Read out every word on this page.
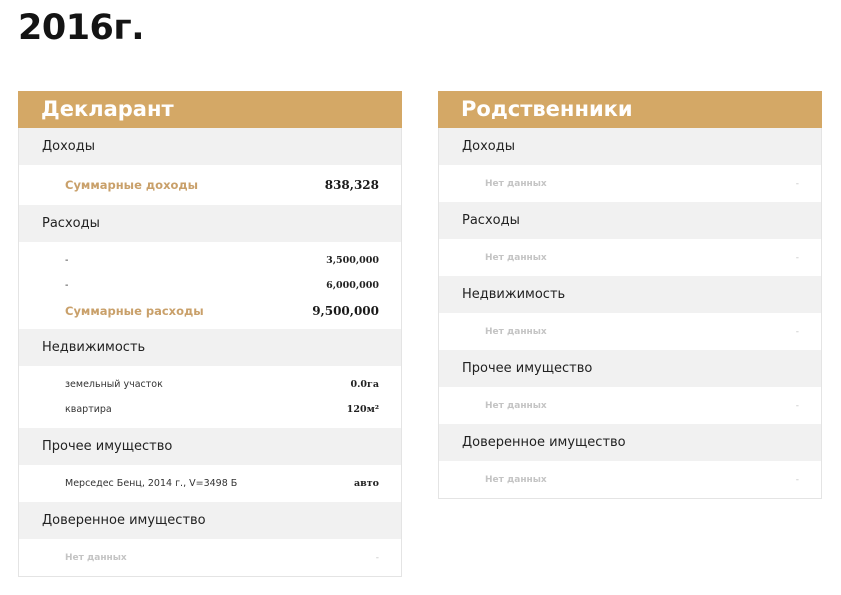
2016г.
Декларант
Доходы
Суммарные доходы	838,328
Расходы
-	3,500,000
-	6,000,000
Суммарные расходы	9,500,000
Недвижимость
земельный участок	0.0га
квартира	120м²
Прочее имущество
Мерседес Бенц, 2014 г., V=3498 Б	авто
Доверенное имущество
Нет данных	-
Родственники
Доходы
Нет данных	-
Расходы
Нет данных	-
Недвижимость
Нет данных	-
Прочее имущество
Нет данных	-
Доверенное имущество
Нет данных	-
